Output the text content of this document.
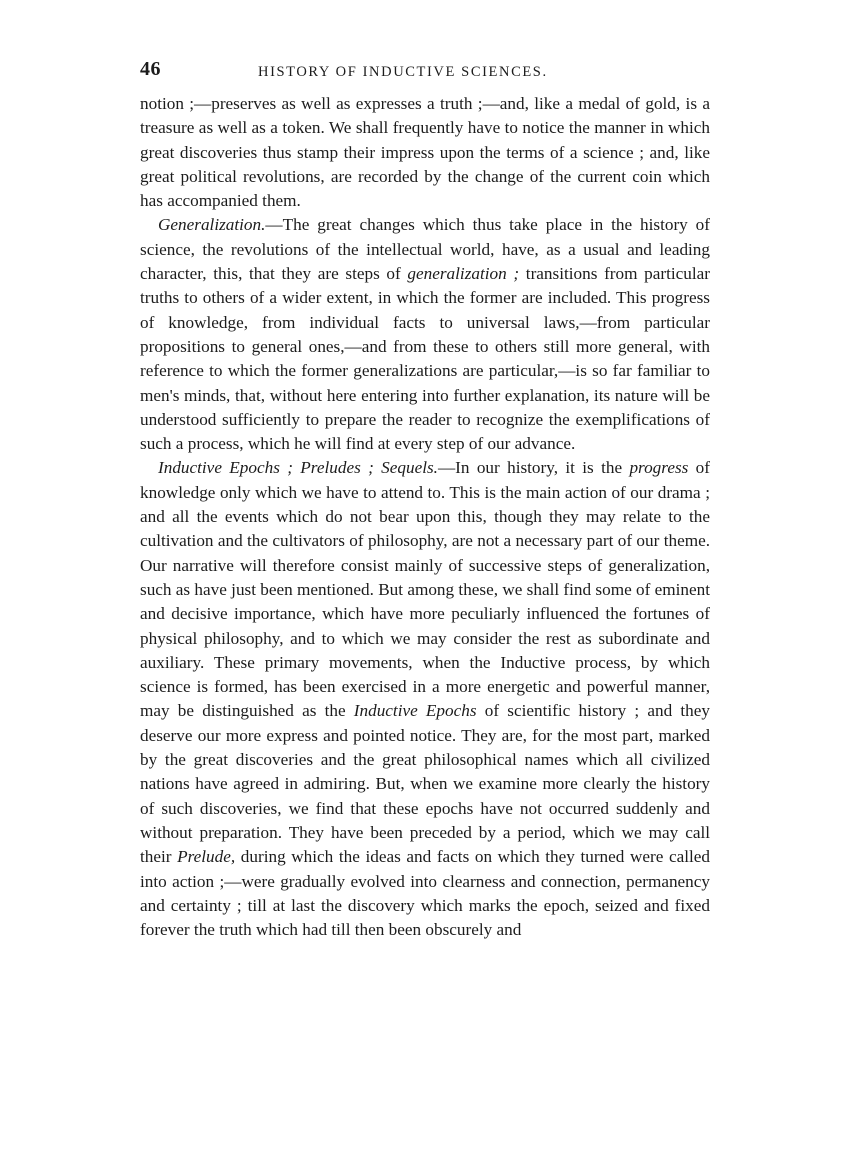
46	HISTORY OF INDUCTIVE SCIENCES.

notion ;—preserves as well as expresses a truth ;—and, like a medal of gold, is a treasure as well as a token. We shall frequently have to notice the manner in which great discoveries thus stamp their impress upon the terms of a science ; and, like great political revolutions, are recorded by the change of the current coin which has accompanied them.

Generalization.—The great changes which thus take place in the history of science, the revolutions of the intellectual world, have, as a usual and leading character, this, that they are steps of generalization ; transitions from particular truths to others of a wider extent, in which the former are included. This progress of knowledge, from individual facts to universal laws,—from particular propositions to general ones,—and from these to others still more general, with reference to which the former generalizations are particular,—is so far familiar to men's minds, that, without here entering into further explanation, its nature will be understood sufficiently to prepare the reader to recognize the exemplifications of such a process, which he will find at every step of our advance.

Inductive Epochs ; Preludes ; Sequels.—In our history, it is the progress of knowledge only which we have to attend to. This is the main action of our drama ; and all the events which do not bear upon this, though they may relate to the cultivation and the cultivators of philosophy, are not a necessary part of our theme. Our narrative will therefore consist mainly of successive steps of generalization, such as have just been mentioned. But among these, we shall find some of eminent and decisive importance, which have more peculiarly influenced the fortunes of physical philosophy, and to which we may consider the rest as subordinate and auxiliary. These primary movements, when the Inductive process, by which science is formed, has been exercised in a more energetic and powerful manner, may be distinguished as the Inductive Epochs of scientific history ; and they deserve our more express and pointed notice. They are, for the most part, marked by the great discoveries and the great philosophical names which all civilized nations have agreed in admiring. But, when we examine more clearly the history of such discoveries, we find that these epochs have not occurred suddenly and without preparation. They have been preceded by a period, which we may call their Prelude, during which the ideas and facts on which they turned were called into action ;—were gradually evolved into clearness and connection, permanency and certainty ; till at last the discovery which marks the epoch, seized and fixed forever the truth which had till then been obscurely and
